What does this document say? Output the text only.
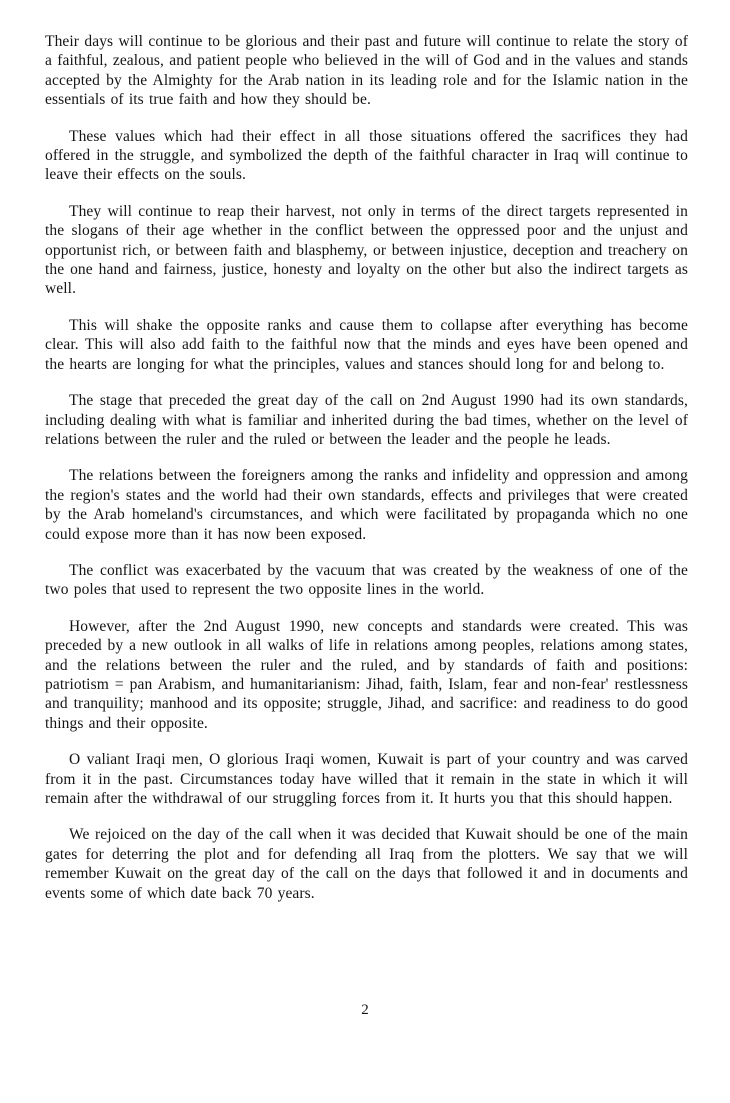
Their days will continue to be glorious and their past and future will continue to relate the story of a faithful, zealous, and patient people who believed in the will of God and in the values and stands accepted by the Almighty for the Arab nation in its leading role and for the Islamic nation in the essentials of its true faith and how they should be.

These values which had their effect in all those situations offered the sacrifices they had offered in the struggle, and symbolized the depth of the faithful character in Iraq will continue to leave their effects on the souls.

They will continue to reap their harvest, not only in terms of the direct targets represented in the slogans of their age whether in the conflict between the oppressed poor and the unjust and opportunist rich, or between faith and blasphemy, or between injustice, deception and treachery on the one hand and fairness, justice, honesty and loyalty on the other but also the indirect targets as well.

This will shake the opposite ranks and cause them to collapse after everything has become clear. This will also add faith to the faithful now that the minds and eyes have been opened and the hearts are longing for what the principles, values and stances should long for and belong to.

The stage that preceded the great day of the call on 2nd August 1990 had its own standards, including dealing with what is familiar and inherited during the bad times, whether on the level of relations between the ruler and the ruled or between the leader and the people he leads.

The relations between the foreigners among the ranks and infidelity and oppression and among the region's states and the world had their own standards, effects and privileges that were created by the Arab homeland's circumstances, and which were facilitated by propaganda which no one could expose more than it has now been exposed.

The conflict was exacerbated by the vacuum that was created by the weakness of one of the two poles that used to represent the two opposite lines in the world.

However, after the 2nd August 1990, new concepts and standards were created. This was preceded by a new outlook in all walks of life in relations among peoples, relations among states, and the relations between the ruler and the ruled, and by standards of faith and positions: patriotism = pan Arabism, and humanitarianism: Jihad, faith, Islam, fear and non-fear' restlessness and tranquility; manhood and its opposite; struggle, Jihad, and sacrifice: and readiness to do good things and their opposite.

O valiant Iraqi men, O glorious Iraqi women, Kuwait is part of your country and was carved from it in the past. Circumstances today have willed that it remain in the state in which it will remain after the withdrawal of our struggling forces from it. It hurts you that this should happen.

We rejoiced on the day of the call when it was decided that Kuwait should be one of the main gates for deterring the plot and for defending all Iraq from the plotters. We say that we will remember Kuwait on the great day of the call on the days that followed it and in documents and events some of which date back 70 years.

2
